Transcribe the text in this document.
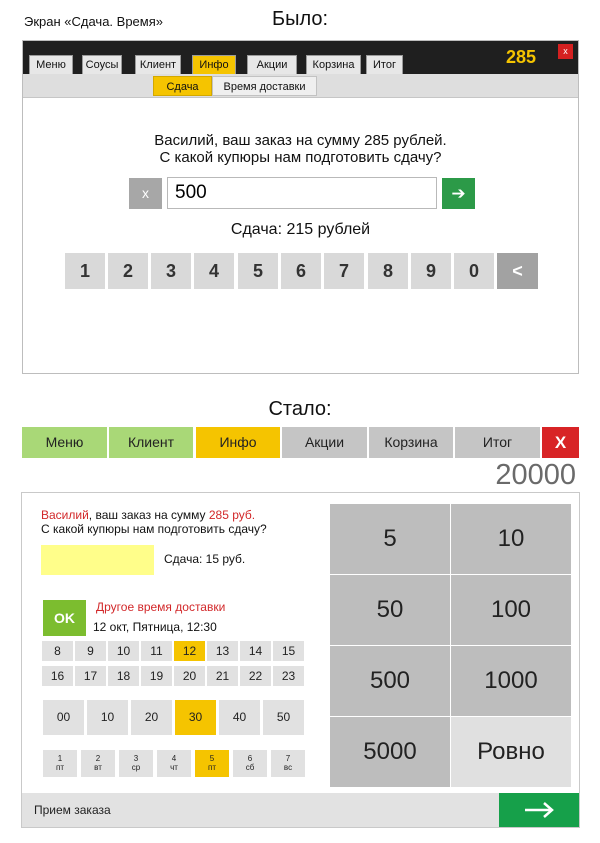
Экран «Сдача. Время»	Было:
Меню	Соусы	Клиент	Инфо	Акции	Корзина	Итог	285	x
Сдача	Время доставки
Василий, ваш заказ на сумму 285 рублей.
С какой купюры нам подготовить сдачу?
x
500	➔
Сдача: 215 рублей
1	2	3	4	5	6	7	8	9	0	<
Стало:
Меню	Клиент	Инфо	Акции	Корзина	Итог	X
20000
Василий, ваш заказ на сумму 285 руб.
С какой купюры нам подготовить сдачу?
Сдача: 15 руб.
OK
Другое время доставки
12 окт, Пятница, 12:30
8	9	10	11	12	13	14	15
16	17	18	19	20	21	22	23
00	10	20	30	40	50
1
пт
2
вт
3
ср
4
чт
5
пт
6
сб
7
вс
5	10
50	100
500	1000
5000	Ровно
Прием заказа
